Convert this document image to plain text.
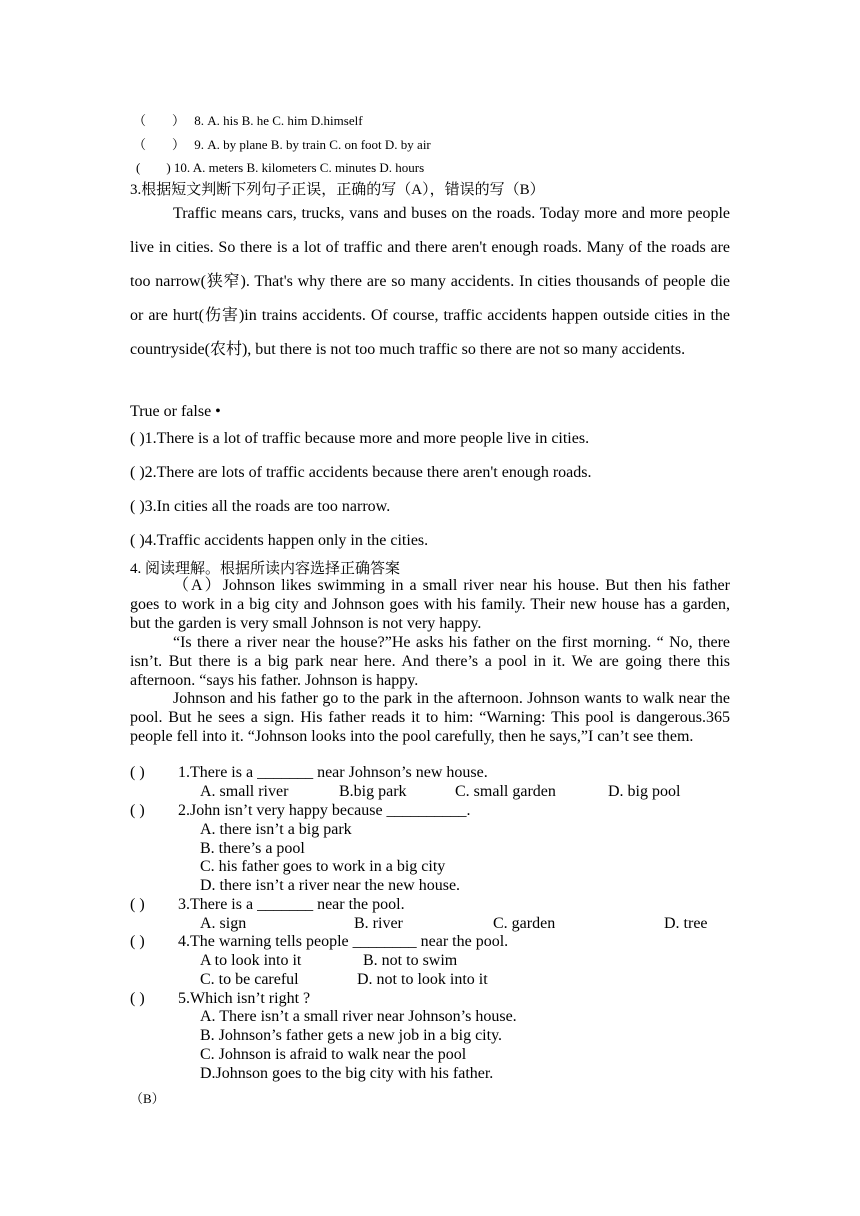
（　　） 8. A. his B. he C. him D.himself
（　　） 9. A. by plane B. by train C. on foot D. by air
(　　) 10. A. meters B. kilometers C. minutes D. hours
3.根据短文判断下列句子正误，正确的写（A），错误的写（B）
Traffic means cars, trucks, vans and buses on the roads. Today more and more people live in cities. So there is a lot of traffic and there aren't enough roads. Many of the roads are too narrow(狭窄). That's why there are so many accidents. In cities thousands of people die or are hurt(伤害)in trains accidents. Of course, traffic accidents happen outside cities in the countryside(农村), but there is not too much traffic so there are not so many accidents.
True or false •
( )1.There is a lot of traffic because more and more people live in cities.
( )2.There are lots of traffic accidents because there aren't enough roads.
( )3.In cities all the roads are too narrow.
( )4.Traffic accidents happen only in the cities.
4. 阅读理解。根据所读内容选择正确答案
（A）Johnson likes swimming in a small river near his house. But then his father goes to work in a big city and Johnson goes with his family. Their new house has a garden, but the garden is very small Johnson is not very happy.
“Is there a river near the house?”He asks his father on the first morning. “ No, there isn’t. But there is a big park near here. And there’s a pool in it. We are going there this afternoon. “says his father. Johnson is happy.
Johnson and his father go to the park in the afternoon. Johnson wants to walk near the pool. But he sees a sign. His father reads it to him: “Warning: This pool is dangerous.365 people fell into it. “Johnson looks into the pool carefully, then he says,”I can’t see them.
( ) 1.There is a _______ near Johnson’s new house.
A. small river	B.big park	C. small garden	D. big pool
( ) 2.John isn’t very happy because __________.
A. there isn’t a big park
B. there’s a pool
C. his father goes to work in a big city
D. there isn’t a river near the new house.
( ) 3.There is a _______ near the pool.
A. sign	B. river	C. garden	D. tree
( ) 4.The warning tells people ________ near the pool.
A to look into it	B. not to swim
C. to be careful	D. not to look into it
( ) 5.Which isn’t right ?
A. There isn’t a small river near Johnson’s house.
B. Johnson’s father gets a new job in a big city.
C. Johnson is afraid to walk near the pool
D.Johnson goes to the big city with his father.
（B）
